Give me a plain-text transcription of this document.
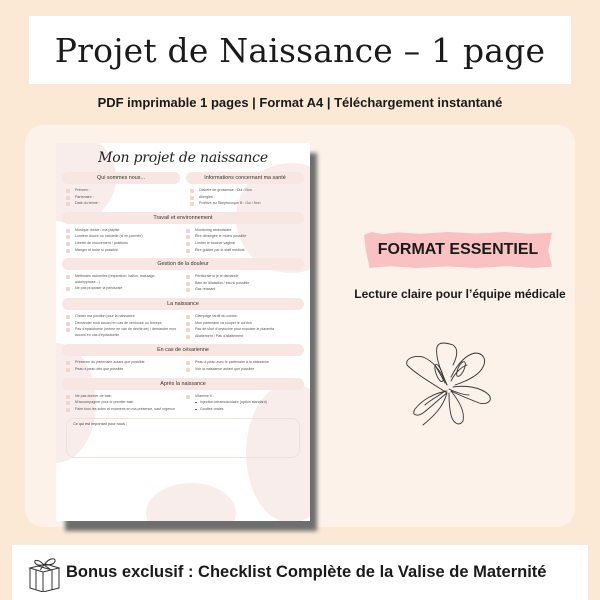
Projet de Naissance – 1 page
PDF imprimable 1 pages | Format A4 | Téléchargement instantané
Mon projet de naissance
Qui sommes nous...
Prénom :
Partenaire :
Date du terme :
Informations concernant ma santé
Diabète de grossesse : Oui / Non
Allergies :
Positive au Streptocoque B : Oui / Non
Travail et environnement
Musique douce / ma playlist
Lumière douce ou naturelle (si en journée)
Liberté de mouvement / positions
Manger et boire si possible
Monitoring ambulatoire
Être dérangée le moins possible
Limiter le toucher vaginal
Être guidée par le staff médical
Gestion de la douleur
Méthodes naturelles (respiration, ballon, massage, autohypnose...)
Ne pas proposer la péridurale
Péridurale si je le demande
Bain de dilatation / eau si possible
Gaz relaxant
La naissance
Choisir ma position pour la naissance
Demander mon accord en cas de ventouse ou forceps
Pas d'épisiotomie (même en cas de déchirure) / demander mon accord en cas d'épisiotomie
Clampage tardif du cordon
Mon partenaire va couper le cordon
Pas de shot d'oxytocine pour expulser le placenta
Allaitement / Pas d'allaitement
En cas de césarienne
Présence du partenaire autant que possible
Peau à peau dès que possible
Peau à peau avec le partenaire à la naissance
Voir la naissance autant que possible
Après la naissance
Ne pas donner de bain
M'accompagner pour le premier bain
Faire tous les soins et examens en ma présence, sauf urgence
Vitamine K :
Injection intramusculaire (option standard)
Gouttes orales
Ce qui est important pour nous :
FORMAT ESSENTIEL
Lecture claire pour l’équipe médicale
Bonus exclusif : Checklist Complète de la Valise de Maternité
